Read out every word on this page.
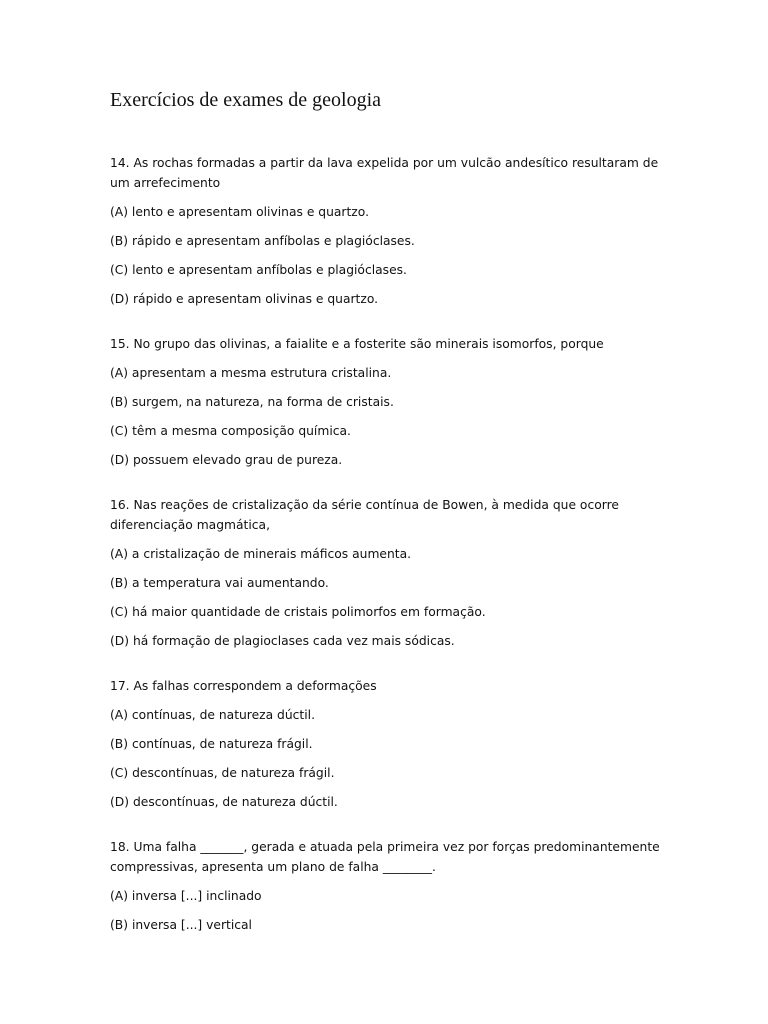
Exercícios de exames de geologia

14. As rochas formadas a partir da lava expelida por um vulcão andesítico resultaram de um arrefecimento

(A) lento e apresentam olivinas e quartzo.
(B) rápido e apresentam anfíbolas e plagióclases.
(C) lento e apresentam anfíbolas e plagióclases.
(D) rápido e apresentam olivinas e quartzo.

15. No grupo das olivinas, a faialite e a fosterite são minerais isomorfos, porque

(A) apresentam a mesma estrutura cristalina.
(B) surgem, na natureza, na forma de cristais.
(C) têm a mesma composição química.
(D) possuem elevado grau de pureza.

16. Nas reações de cristalização da série contínua de Bowen, à medida que ocorre diferenciação magmática,

(A) a cristalização de minerais máficos aumenta.
(B) a temperatura vai aumentando.
(C) há maior quantidade de cristais polimorfos em formação.
(D) há formação de plagioclases cada vez mais sódicas.

17. As falhas correspondem a deformações

(A) contínuas, de natureza dúctil.
(B) contínuas, de natureza frágil.
(C) descontínuas, de natureza frágil.
(D) descontínuas, de natureza dúctil.

18. Uma falha _______, gerada e atuada pela primeira vez por forças predominantemente compressivas, apresenta um plano de falha ________.

(A) inversa [...] inclinado
(B) inversa [...] vertical
